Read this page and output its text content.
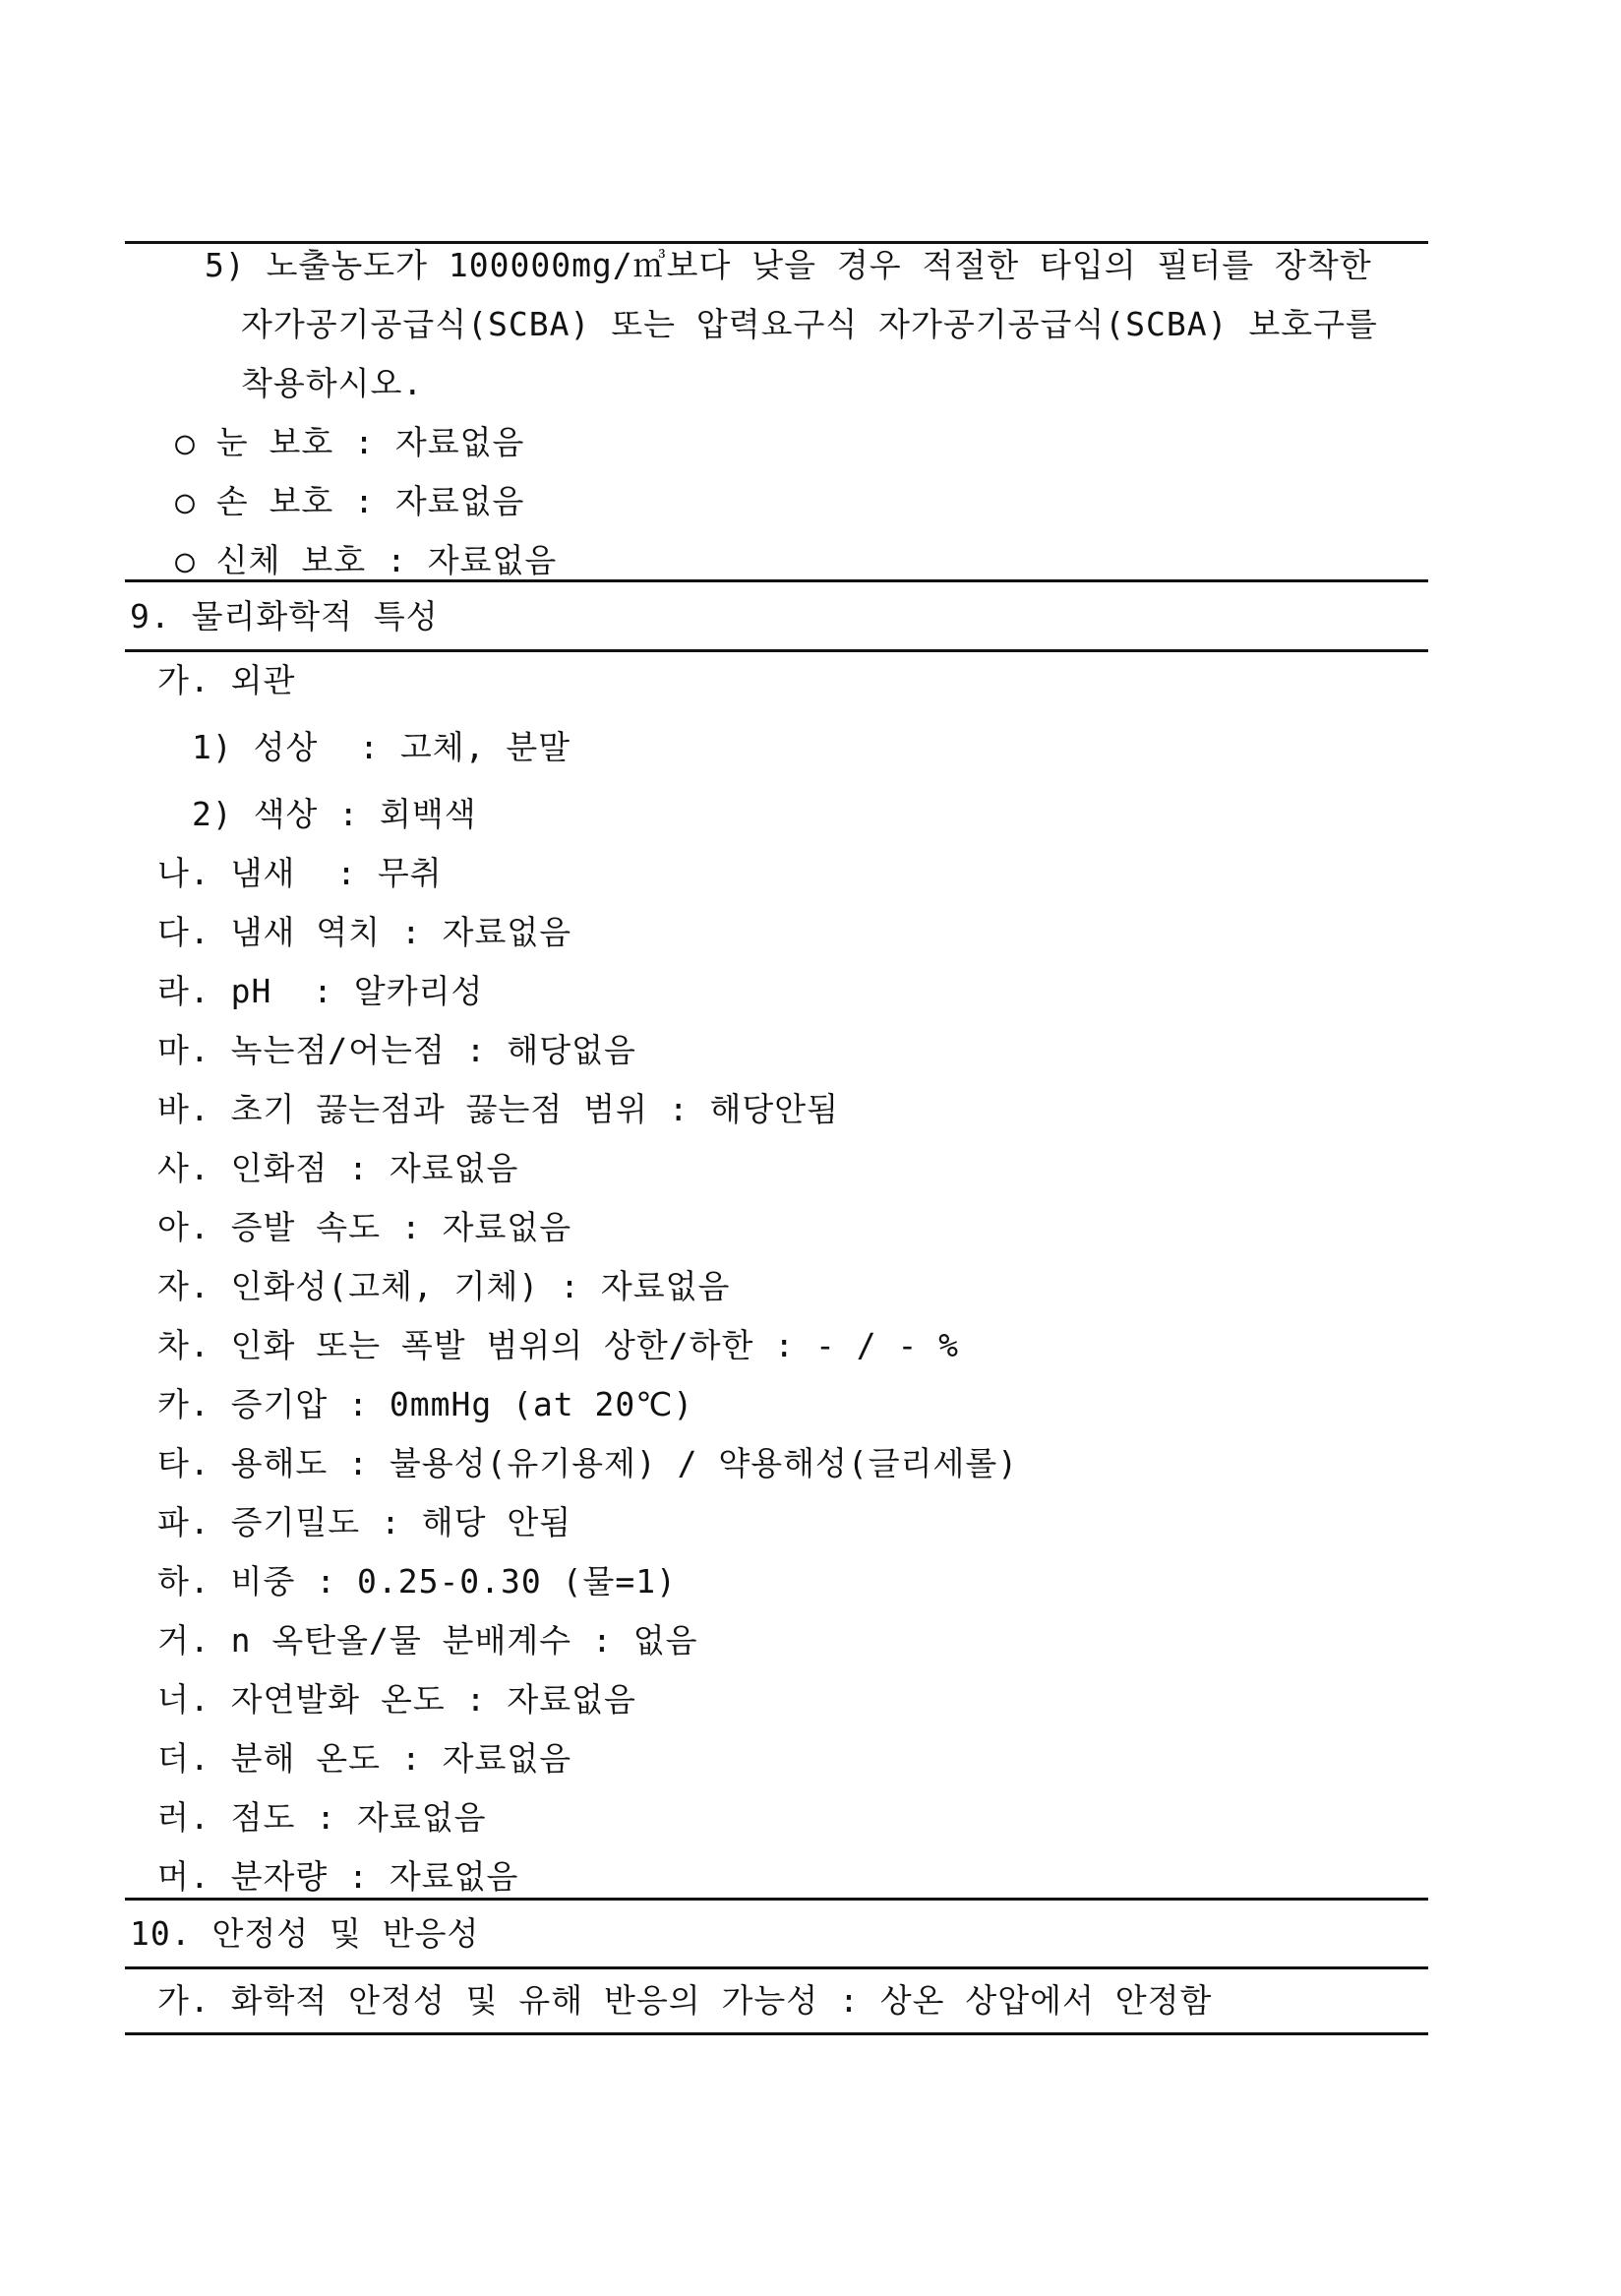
5) 노출농도가 100000mg/㎥보다 낮을 경우 적절한 타입의 필터를 장착한
자가공기공급식(SCBA) 또는 압력요구식 자가공기공급식(SCBA) 보호구를
착용하시오.
○ 눈 보호 : 자료없음
○ 손 보호 : 자료없음
○ 신체 보호 : 자료없음
9. 물리화학적 특성
가. 외관
1) 성상  : 고체, 분말
2) 색상 : 회백색
나. 냄새  : 무취
다. 냄새 역치 : 자료없음
라. pH  : 알카리성
마. 녹는점/어는점 : 해당없음
바. 초기 끓는점과 끓는점 범위 : 해당안됨
사. 인화점 : 자료없음
아. 증발 속도 : 자료없음
자. 인화성(고체, 기체) : 자료없음
차. 인화 또는 폭발 범위의 상한/하한 : - / - %
카. 증기압 : 0mmHg (at 20℃)
타. 용해도 : 불용성(유기용제) / 약용해성(글리세롤)
파. 증기밀도 : 해당 안됨
하. 비중 : 0.25-0.30 (물=1)
거. n 옥탄올/물 분배계수 : 없음
너. 자연발화 온도 : 자료없음
더. 분해 온도 : 자료없음
러. 점도 : 자료없음
머. 분자량 : 자료없음
10. 안정성 및 반응성
가. 화학적 안정성 및 유해 반응의 가능성 : 상온 상압에서 안정함
